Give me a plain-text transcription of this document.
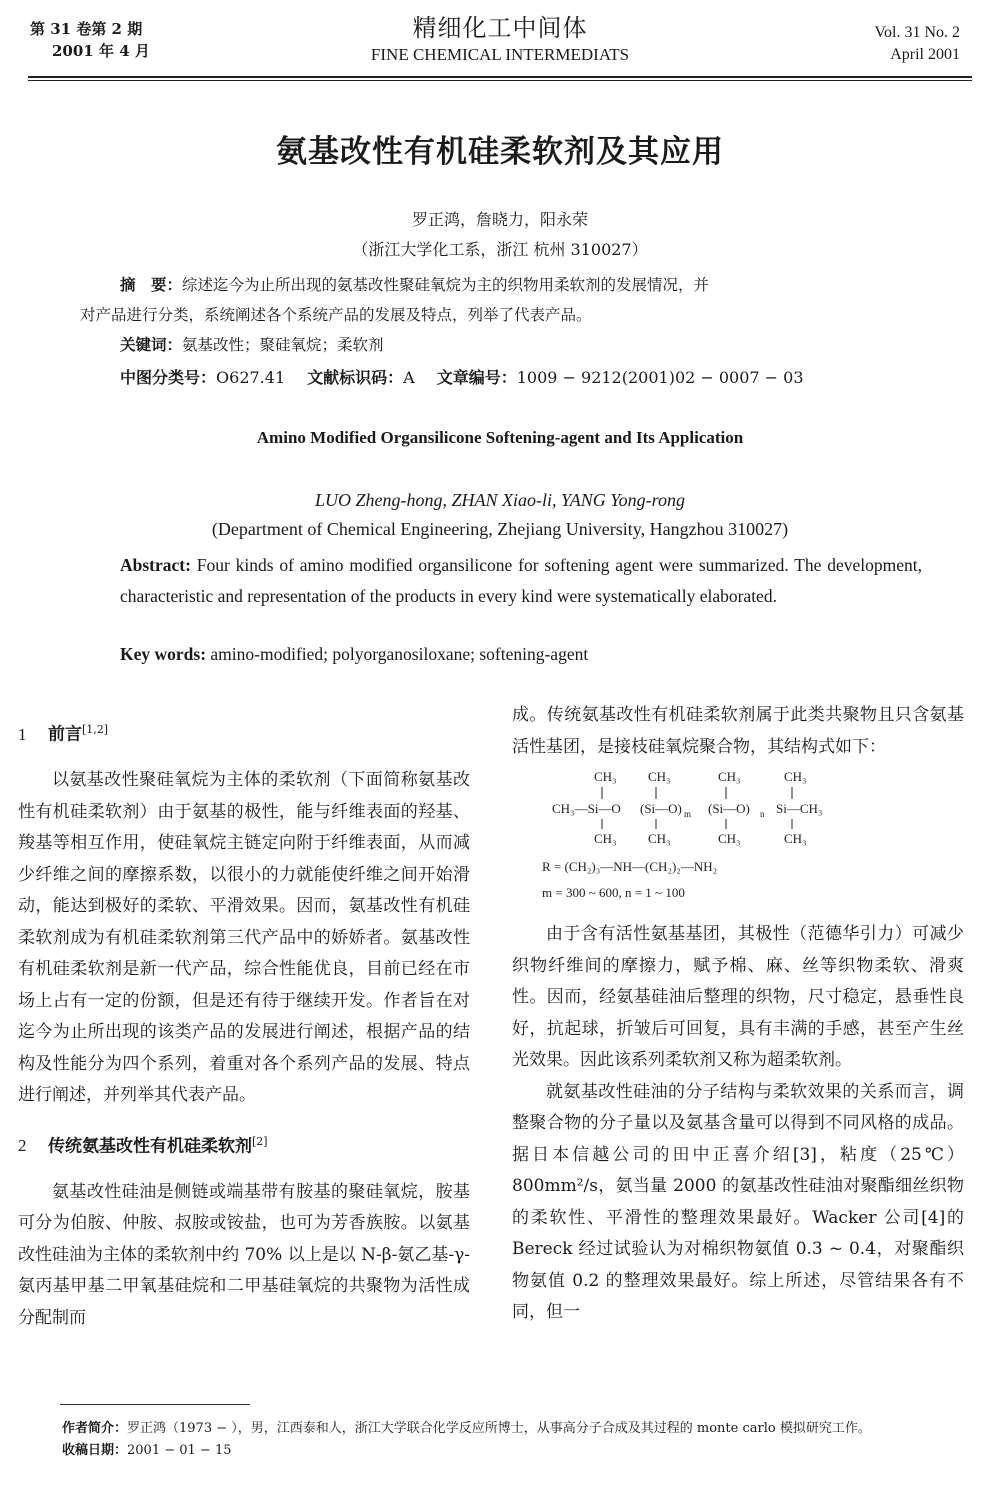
第 31 卷第 2 期
2001 年 4 月
精细化工中间体
FINE CHEMICAL INTERMEDIATS
Vol. 31 No. 2
April 2001
氨基改性有机硅柔软剂及其应用
罗正鸿，詹晓力，阳永荣
（浙江大学化工系，浙江 杭州 310027）
摘　要：综述迄今为止所出现的氨基改性聚硅氧烷为主的织物用柔软剂的发展情况，并
对产品进行分类，系统阐述各个系统产品的发展及特点，列举了代表产品。
关键词：氨基改性；聚硅氧烷；柔软剂
中图分类号：O627.41 文献标识码：A 文章编号：1009 − 9212(2001)02 − 0007 − 03
Amino Modified Organsilicone Softening-agent and Its Application
LUO Zheng-hong, ZHAN Xiao-li, YANG Yong-rong
(Department of Chemical Engineering, Zhejiang University, Hangzhou 310027)
Abstract: Four kinds of amino modified organsilicone for softening agent were summarized. The development, characteristic and representation of the products in every kind were systematically elaborated.
Key words: amino-modified; polyorganosiloxane; softening-agent
1 前言[1,2]

以氨基改性聚硅氧烷为主体的柔软剂（下面简称氨基改性有机硅柔软剂）由于氨基的极性，能与纤维表面的羟基、羧基等相互作用，使硅氧烷主链定向附于纤维表面，从而减少纤维之间的摩擦系数，以很小的力就能使纤维之间开始滑动，能达到极好的柔软、平滑效果。因而，氨基改性有机硅柔软剂成为有机硅柔软剂第三代产品中的娇娇者。氨基改性有机硅柔软剂是新一代产品，综合性能优良，目前已经在市场上占有一定的份额，但是还有待于继续开发。作者旨在对迄今为止所出现的该类产品的发展进行阐述，根据产品的结构及性能分为四个系列，着重对各个系列产品的发展、特点进行阐述，并列举其代表产品。

2 传统氨基改性有机硅柔软剂[2]

氨基改性硅油是侧链或端基带有胺基的聚硅氧烷，胺基可分为伯胺、仲胺、叔胺或铵盐，也可为芳香族胺。以氨基改性硅油为主体的柔软剂中约 70% 以上是以 N-β-氨乙基-γ-氨丙基甲基二甲氧基硅烷和二甲基硅氧烷的共聚物为活性成分配制而

成。传统氨基改性有机硅柔软剂属于此类共聚物且只含氨基活性基团，是接枝硅氧烷聚合物，其结构式如下：

CH₃ CH₃	CH₃	CH₃
CH₃—Si—O (Si—O) m (Si—O) n Si—CH₃
CH₃ CH₃	CH₃	CH₃
R = ⁠(CH₂)₃—NH—(CH₂)₂—NH₂
m = 300 ~ 600, n = 1 ~ 100

由于含有活性氨基基团，其极性（范德华引力）可减少织物纤维间的摩擦力，赋予棉、麻、丝等织物柔软、滑爽性。因而，经氨基硅油后整理的织物，尺寸稳定，悬垂性良好，抗起球，折皱后可回复，具有丰满的手感，甚至产生丝光效果。因此该系列柔软剂又称为超柔软剂。

就氨基改性硅油的分子结构与柔软效果的关系而言，调整聚合物的分子量以及氨基含量可以得到不同风格的成品。据日本信越公司的田中正喜介绍[3]，粘度（25℃）800mm²/s，氨当量 2000 的氨基改性硅油对聚酯细丝织物的柔软性、平滑性的整理效果最好。Wacker 公司[4]的 Bereck 经过试验认为对棉织物氨值 0.3 ~ 0.4，对聚酯织物氨值 0.2 的整理效果最好。综上所述，尽管结果各有不同，但一

作者简介：罗正鸿（1973 − ），男，江西泰和人，浙江大学联合化学反应所博士，从事高分子合成及其过程的 monte carlo 模拟研究工作。
收稿日期：2001 − 01 − 15
